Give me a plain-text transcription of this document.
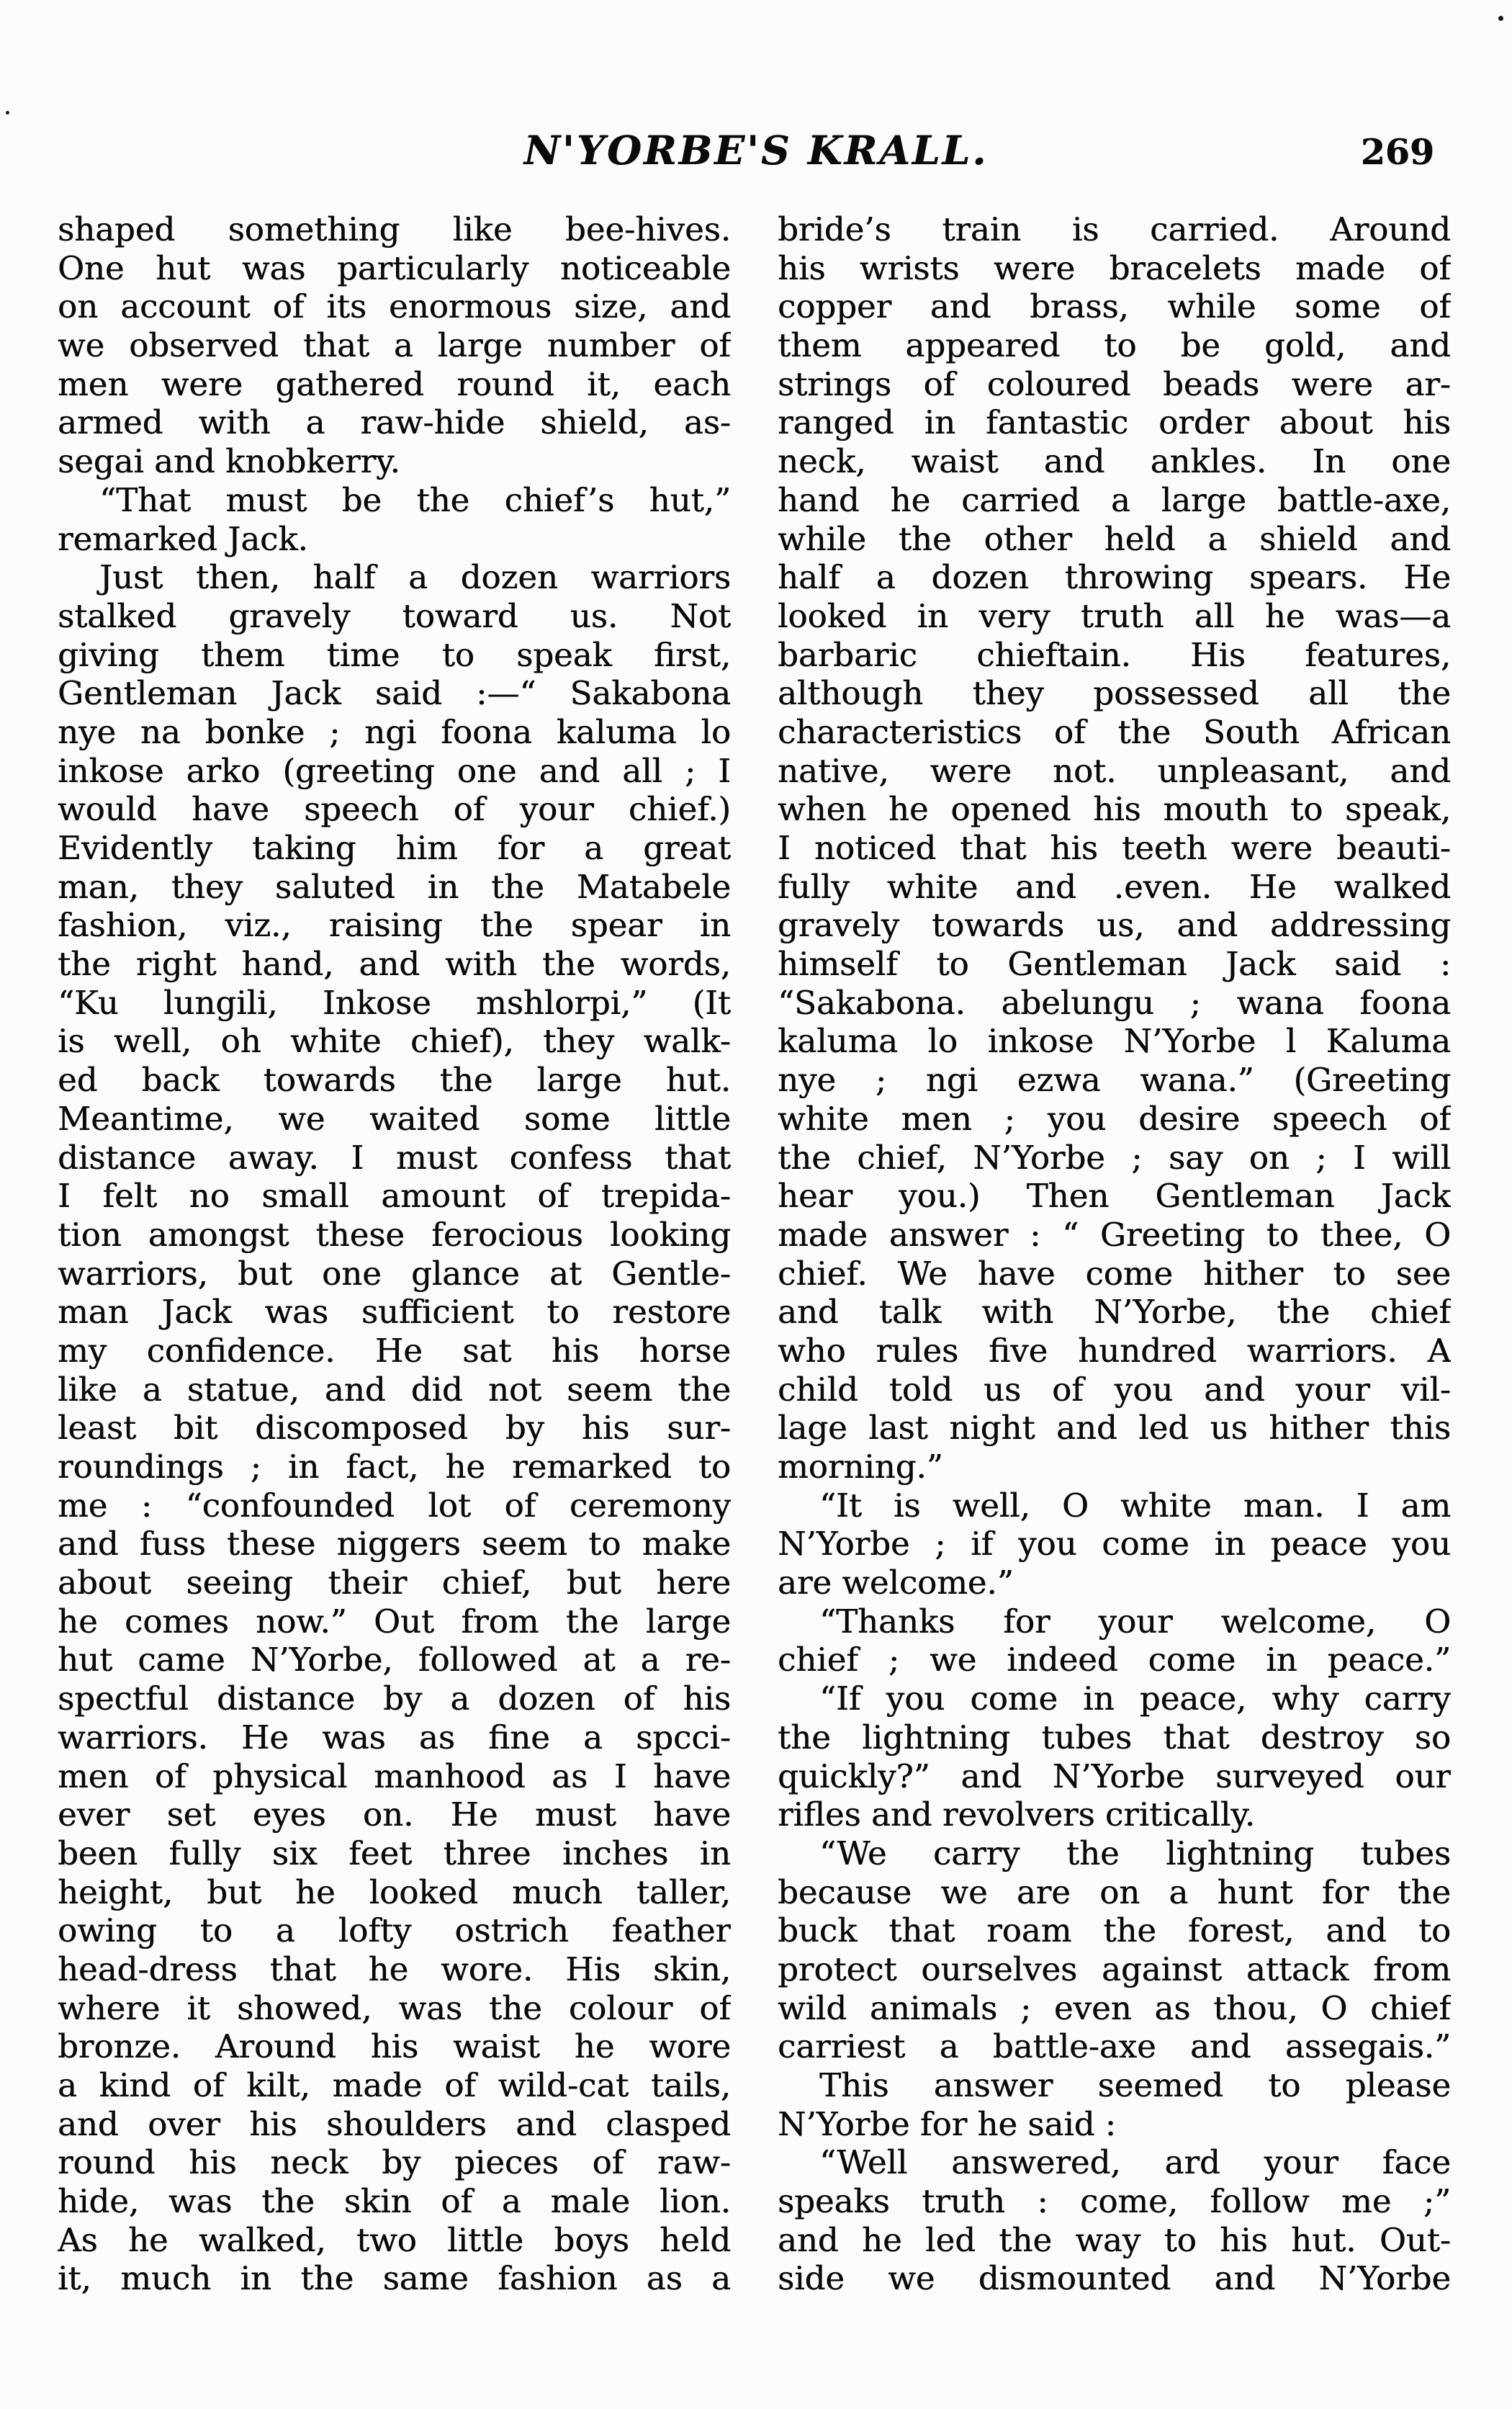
N'YORBE'S KRALL.	269
shaped something like bee-hives.
One hut was particularly noticeable
on account of its enormous size, and
we observed that a large number of
men were gathered round it, each
armed with a raw-hide shield, as-
segai and knobkerry.
“That must be the chief’s hut,”
remarked Jack.
Just then, half a dozen warriors
stalked gravely toward us. Not
giving them time to speak first,
Gentleman Jack said :—“ Sakabona
nye na bonke ; ngi foona kaluma lo
inkose arko (greeting one and all ; I
would have speech of your chief.)
Evidently taking him for a great
man, they saluted in the Matabele
fashion, viz., raising the spear in
the right hand, and with the words,
“Ku lungili, Inkose mshlorpi,” (It
is well, oh white chief), they walk-
ed back towards the large hut.
Meantime, we waited some little
distance away. I must confess that
I felt no small amount of trepida-
tion amongst these ferocious looking
warriors, but one glance at Gentle-
man Jack was sufficient to restore
my confidence. He sat his horse
like a statue, and did not seem the
least bit discomposed by his sur-
roundings ; in fact, he remarked to
me : “confounded lot of ceremony
and fuss these niggers seem to make
about seeing their chief, but here
he comes now.” Out from the large
hut came N’Yorbe, followed at a re-
spectful distance by a dozen of his
warriors. He was as fine a spcci-
men of physical manhood as I have
ever set eyes on. He must have
been fully six feet three inches in
height, but he looked much taller,
owing to a lofty ostrich feather
head-dress that he wore. His skin,
where it showed, was the colour of
bronze. Around his waist he wore
a kind of kilt, made of wild-cat tails,
and over his shoulders and clasped
round his neck by pieces of raw-
hide, was the skin of a male lion.
As he walked, two little boys held
it, much in the same fashion as a
bride’s train is carried. Around
his wrists were bracelets made of
copper and brass, while some of
them appeared to be gold, and
strings of coloured beads were ar-
ranged in fantastic order about his
neck, waist and ankles. In one
hand he carried a large battle-axe,
while the other held a shield and
half a dozen throwing spears. He
looked in very truth all he was—a
barbaric chieftain. His features,
although they possessed all the
characteristics of the South African
native, were not. unpleasant, and
when he opened his mouth to speak,
I noticed that his teeth were beauti-
fully white and .even. He walked
gravely towards us, and addressing
himself to Gentleman Jack said :
“Sakabona. abelungu ; wana foona
kaluma lo inkose N’Yorbe l Kaluma
nye ; ngi ezwa wana.” (Greeting
white men ; you desire speech of
the chief, N’Yorbe ; say on ; I will
hear you.) Then Gentleman Jack
made answer : “ Greeting to thee, O
chief. We have come hither to see
and talk with N’Yorbe, the chief
who rules five hundred warriors. A
child told us of you and your vil-
lage last night and led us hither this
morning.”
“It is well, O white man. I am
N’Yorbe ; if you come in peace you
are welcome.”
“Thanks for your welcome, O
chief ; we indeed come in peace.”
“If you come in peace, why carry
the lightning tubes that destroy so
quickly?” and N’Yorbe surveyed our
rifles and revolvers critically.
“We carry the lightning tubes
because we are on a hunt for the
buck that roam the forest, and to
protect ourselves against attack from
wild animals ; even as thou, O chief
carriest a battle-axe and assegais.”
This answer seemed to please
N’Yorbe for he said :
“Well answered, ard your face
speaks truth : come, follow me ;”
and he led the way to his hut. Out-
side we dismounted and N’Yorbe
